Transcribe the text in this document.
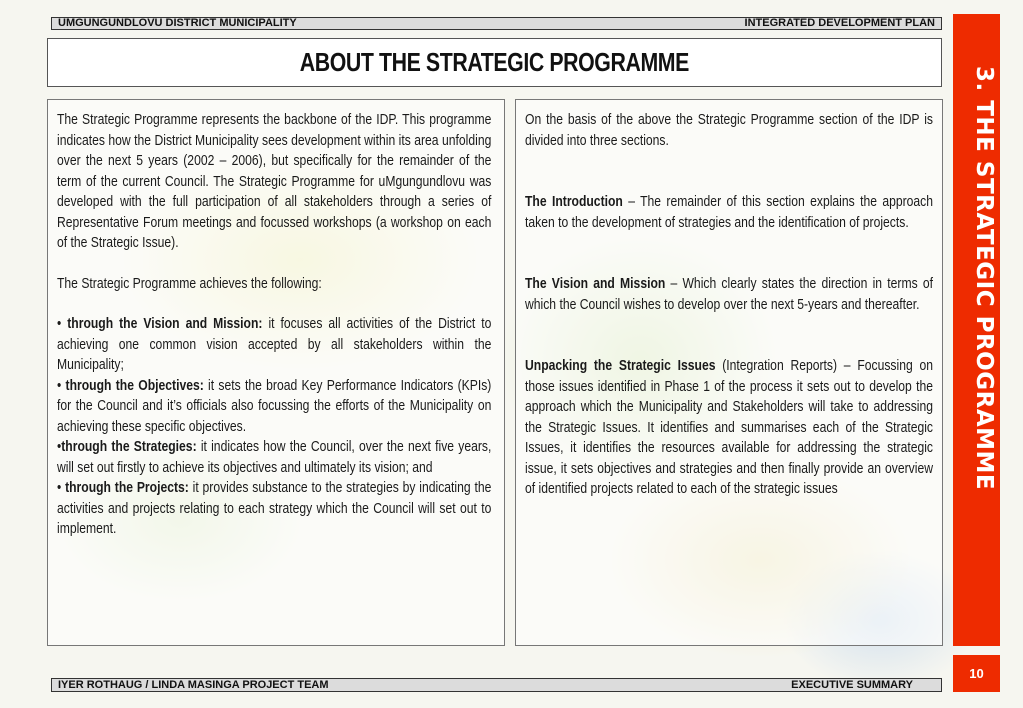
UMGUNGUNDLOVU DISTRICT MUNICIPALITY	INTEGRATED DEVELOPMENT PLAN
ABOUT THE STRATEGIC PROGRAMME

The Strategic Programme represents the backbone of the IDP. This programme indicates how the District Municipality sees development within its area unfolding over the next 5 years (2002 – 2006), but specifically for the remainder of the term of the current Council. The Strategic Programme for uMgungundlovu was developed with the full participation of all stakeholders through a series of Representative Forum meetings and focussed workshops (a workshop on each of the Strategic Issue).

The Strategic Programme achieves the following:

• through the Vision and Mission: it focuses all activities of the District to achieving one common vision accepted by all stakeholders within the Municipality;
• through the Objectives: it sets the broad Key Performance Indicators (KPIs) for the Council and it’s officials also focussing the efforts of the Municipality on achieving these specific objectives.
•through the Strategies: it indicates how the Council, over the next five years, will set out firstly to achieve its objectives and ultimately its vision; and
• through the Projects: it provides substance to the strategies by indicating the activities and projects relating to each strategy which the Council will set out to implement.

On the basis of the above the Strategic Programme section of the IDP is divided into three sections.

The Introduction – The remainder of this section explains the approach taken to the development of strategies and the identification of projects.

The Vision and Mission – Which clearly states the direction in terms of which the Council wishes to develop over the next 5-years and thereafter.

Unpacking the Strategic Issues (Integration Reports) – Focussing on those issues identified in Phase 1 of the process it sets out to develop the approach which the Municipality and Stakeholders will take to addressing the Strategic Issues. It identifies and summarises each of the Strategic Issues, it identifies the resources available for addressing the strategic issue, it sets objectives and strategies and then finally provide an overview of identified projects related to each of the strategic issues	3. THE STRATEGIC PROGRAMME
10
IYER ROTHAUG / LINDA MASINGA PROJECT TEAM	EXECUTIVE SUMMARY
